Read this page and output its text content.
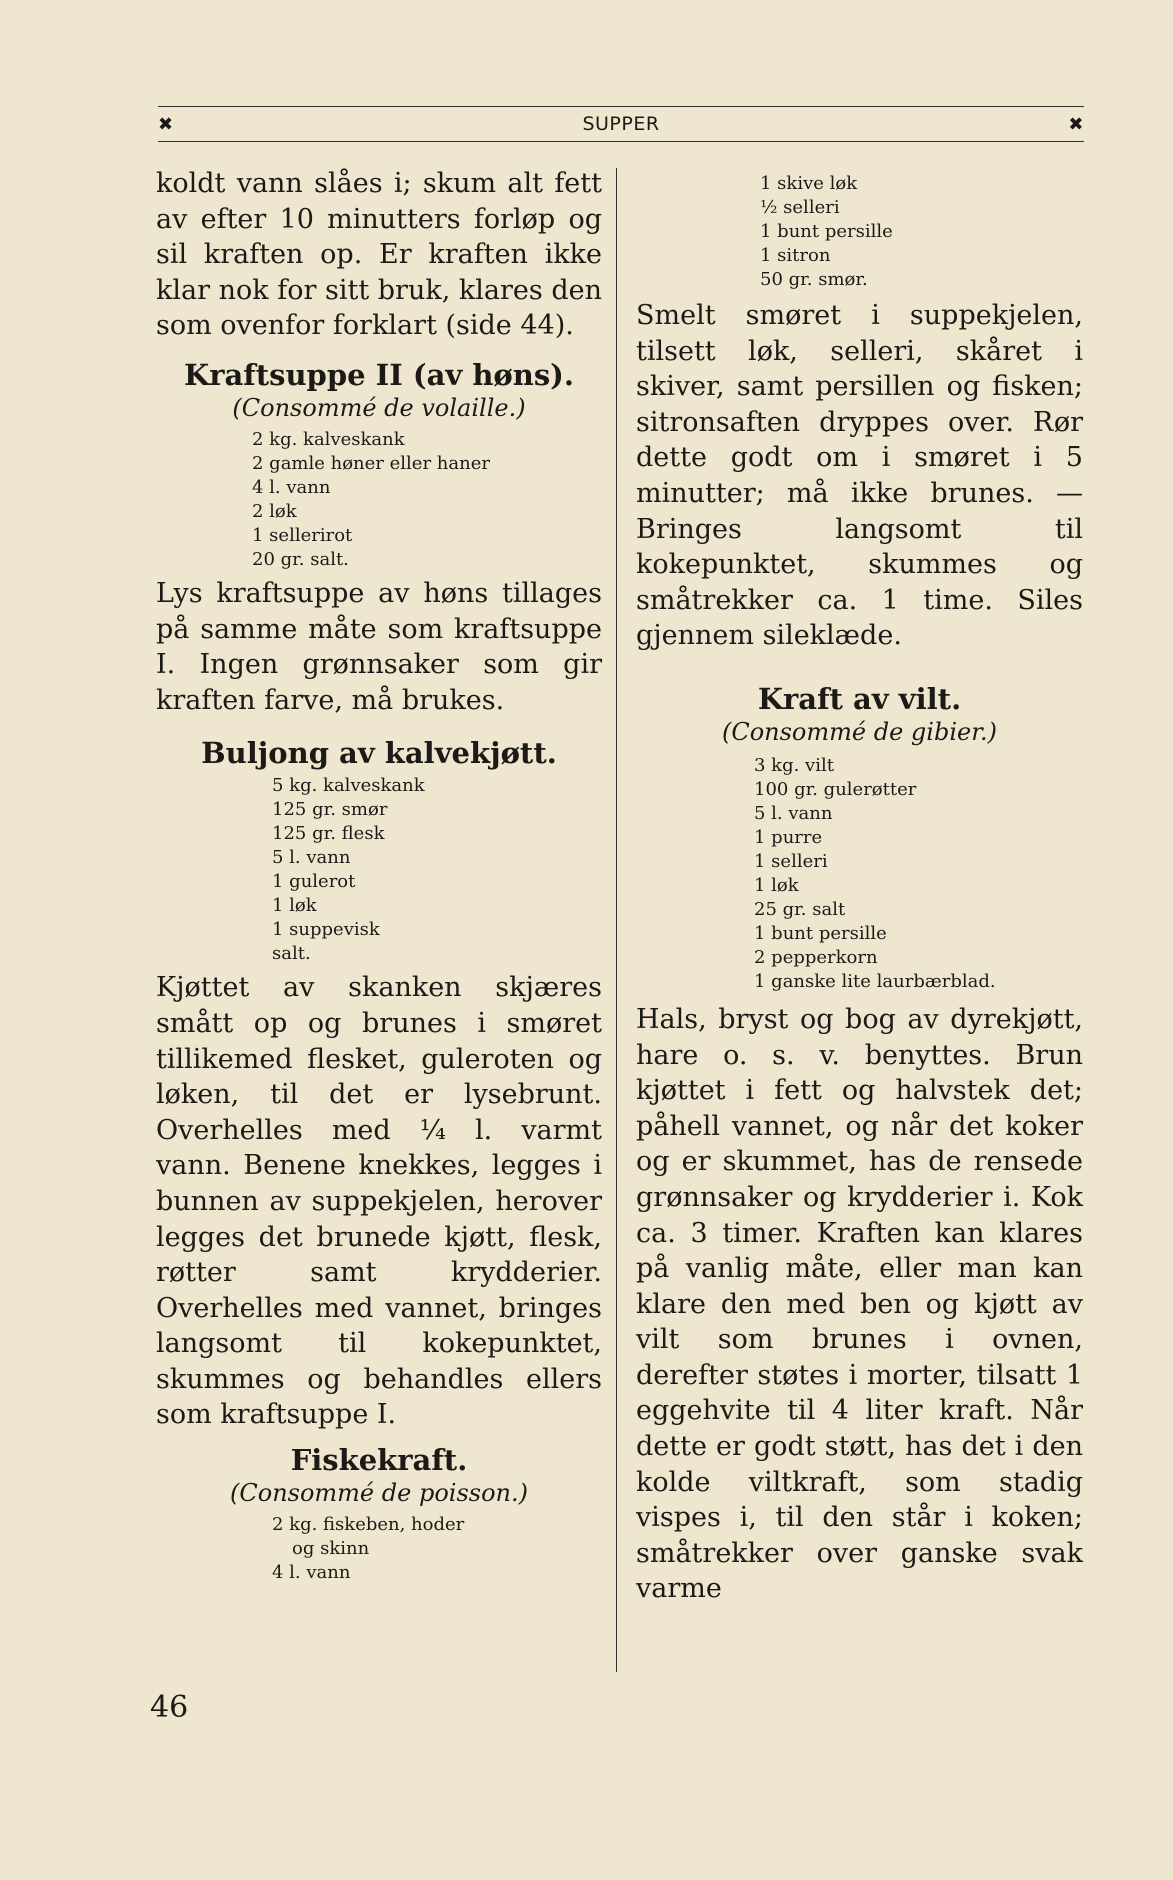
✖	SUPPER	✖

koldt vann slåes i; skum alt fett av efter 10 minutters forløp og sil kraften op. Er kraften ikke klar nok for sitt bruk, klares den som ovenfor forklart (side 44).

Kraftsuppe II (av høns).

(Consommé de volaille.)

2 kg. kalveskank
2 gamle høner eller haner
4 l. vann
2 løk
1 sellerirot
20 gr. salt.

Lys kraftsuppe av høns tillages på samme måte som kraftsuppe I. Ingen grønnsaker som gir kraften farve, må brukes.

Buljong av kalvekjøtt.
5 kg. kalveskank
125 gr. smør
125 gr. flesk
5 l. vann
1 gulerot
1 løk
1 suppevisk
salt.

Kjøttet av skanken skjæres smått op og brunes i smøret tillikemed flesket, guleroten og løken, til det er lysebrunt. Overhelles med ¼ l. varmt vann. Benene knekkes, legges i bunnen av suppekjelen, herover legges det brunede kjøtt, flesk, røtter samt krydderier. Overhelles med vannet, bringes langsomt til kokepunktet, skummes og behandles ellers som kraftsuppe I.

Fiskekraft.

(Consommé de poisson.)

2 kg. fiskeben, hoder
og skinn
4 l. vann
1 skive løk
½ selleri
1 bunt persille
1 sitron
50 gr. smør.

Smelt smøret i suppekjelen, tilsett løk, selleri, skåret i skiver, samt persillen og fisken; sitronsaften dryppes over. Rør dette godt om i smøret i 5 minutter; må ikke brunes. — Bringes langsomt til kokepunktet, skummes og småtrekker ca. 1 time. Siles gjennem sileklæde.

Kraft av vilt.

(Consommé de gibier.)

3 kg. vilt
100 gr. gulerøtter
5 l. vann
1 purre
1 selleri
1 løk
25 gr. salt
1 bunt persille
2 pepperkorn
1 ganske lite laurbærblad.

Hals, bryst og bog av dyrekjøtt, hare o. s. v. benyttes. Brun kjøttet i fett og halvstek det; påhell vannet, og når det koker og er skummet, has de rensede grønnsaker og krydderier i. Kok ca. 3 timer. Kraften kan klares på vanlig måte, eller man kan klare den med ben og kjøtt av vilt som brunes i ovnen, derefter støtes i morter, tilsatt 1 eggehvite til 4 liter kraft. Når dette er godt støtt, has det i den kolde viltkraft, som stadig vispes i, til den står i koken; småtrekker over ganske svak varme

46
